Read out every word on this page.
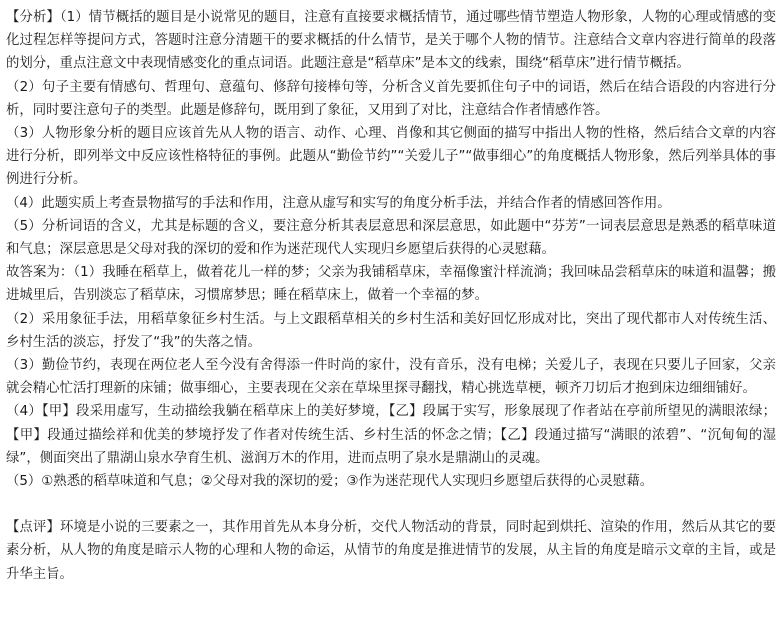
【分析】（1）情节概括的题目是小说常见的题目，注意有直接要求概括情节，通过哪些情节塑造人物形象，人物的心理或情感的变化过程怎样等提问方式，答题时注意分清题干的要求概括的什么情节，是关于哪个人物的情节。注意结合文章内容进行简单的段落的划分，重点注意文中表现情感变化的重点词语。此题注意是“稻草床”是本文的线索，围绕“稻草床”进行情节概括。

（2）句子主要有情感句、哲理句、意蕴句、修辞句接棒句等，分析含义首先要抓住句子中的词语，然后在结合语段的内容进行分析，同时要注意句子的类型。此题是修辞句，既用到了象征，又用到了对比，注意结合作者情感作答。

（3）人物形象分析的题目应该首先从人物的语言、动作、心理、肖像和其它侧面的描写中指出人物的性格，然后结合文章的内容进行分析，即列举文中反应该性格特征的事例。此题从“勤俭节约”“关爱儿子”“做事细心”的角度概括人物形象，然后列举具体的事例进行分析。

（4）此题实质上考查景物描写的手法和作用，注意从虚写和实写的角度分析手法，并结合作者的情感回答作用。

（5）分析词语的含义，尤其是标题的含义，要注意分析其表层意思和深层意思，如此题中“芬芳”一词表层意思是熟悉的稻草味道和气息；深层意思是父母对我的深切的爱和作为迷茫现代人实现归乡愿望后获得的心灵慰藉。

故答案为：（1）我睡在稻草上，做着花儿一样的梦；父亲为我铺稻草床，幸福像蜜汁样流淌；我回味品尝稻草床的味道和温馨；搬进城里后，告别淡忘了稻草床，习惯席梦思；睡在稻草床上，做着一个幸福的梦。

（2）采用象征手法，用稻草象征乡村生活。与上文跟稻草相关的乡村生活和美好回忆形成对比，突出了现代都市人对传统生活、乡村生活的淡忘，抒发了“我”的失落之情。

（3）勤俭节约，表现在两位老人至今没有舍得添一件时尚的家什，没有音乐，没有电梯；关爱儿子，表现在只要儿子回家，父亲就会精心忙活打理新的床铺；做事细心，主要表现在父亲在草垛里探寻翻找，精心挑选草梗，顿齐刀切后才抱到床边细细铺好。

（4）【甲】段采用虚写，生动描绘我躺在稻草床上的美好梦境，【乙】段属于实写，形象展现了作者站在亭前所望见的满眼浓绿；【甲】段通过描绘祥和优美的梦境抒发了作者对传统生活、乡村生活的怀念之情；【乙】段通过描写“满眼的浓碧”、“沉甸甸的湿绿”，侧面突出了鼎湖山泉水孕育生机、滋润万木的作用，进而点明了泉水是鼎湖山的灵魂。

（5）①熟悉的稻草味道和气息；②父母对我的深切的爱；③作为迷茫现代人实现归乡愿望后获得的心灵慰藉。

【点评】环境是小说的三要素之一，其作用首先从本身分析，交代人物活动的背景，同时起到烘托、渲染的作用，然后从其它的要素分析，从人物的角度是暗示人物的心理和人物的命运，从情节的角度是推进情节的发展，从主旨的角度是暗示文章的主旨，或是升华主旨。
